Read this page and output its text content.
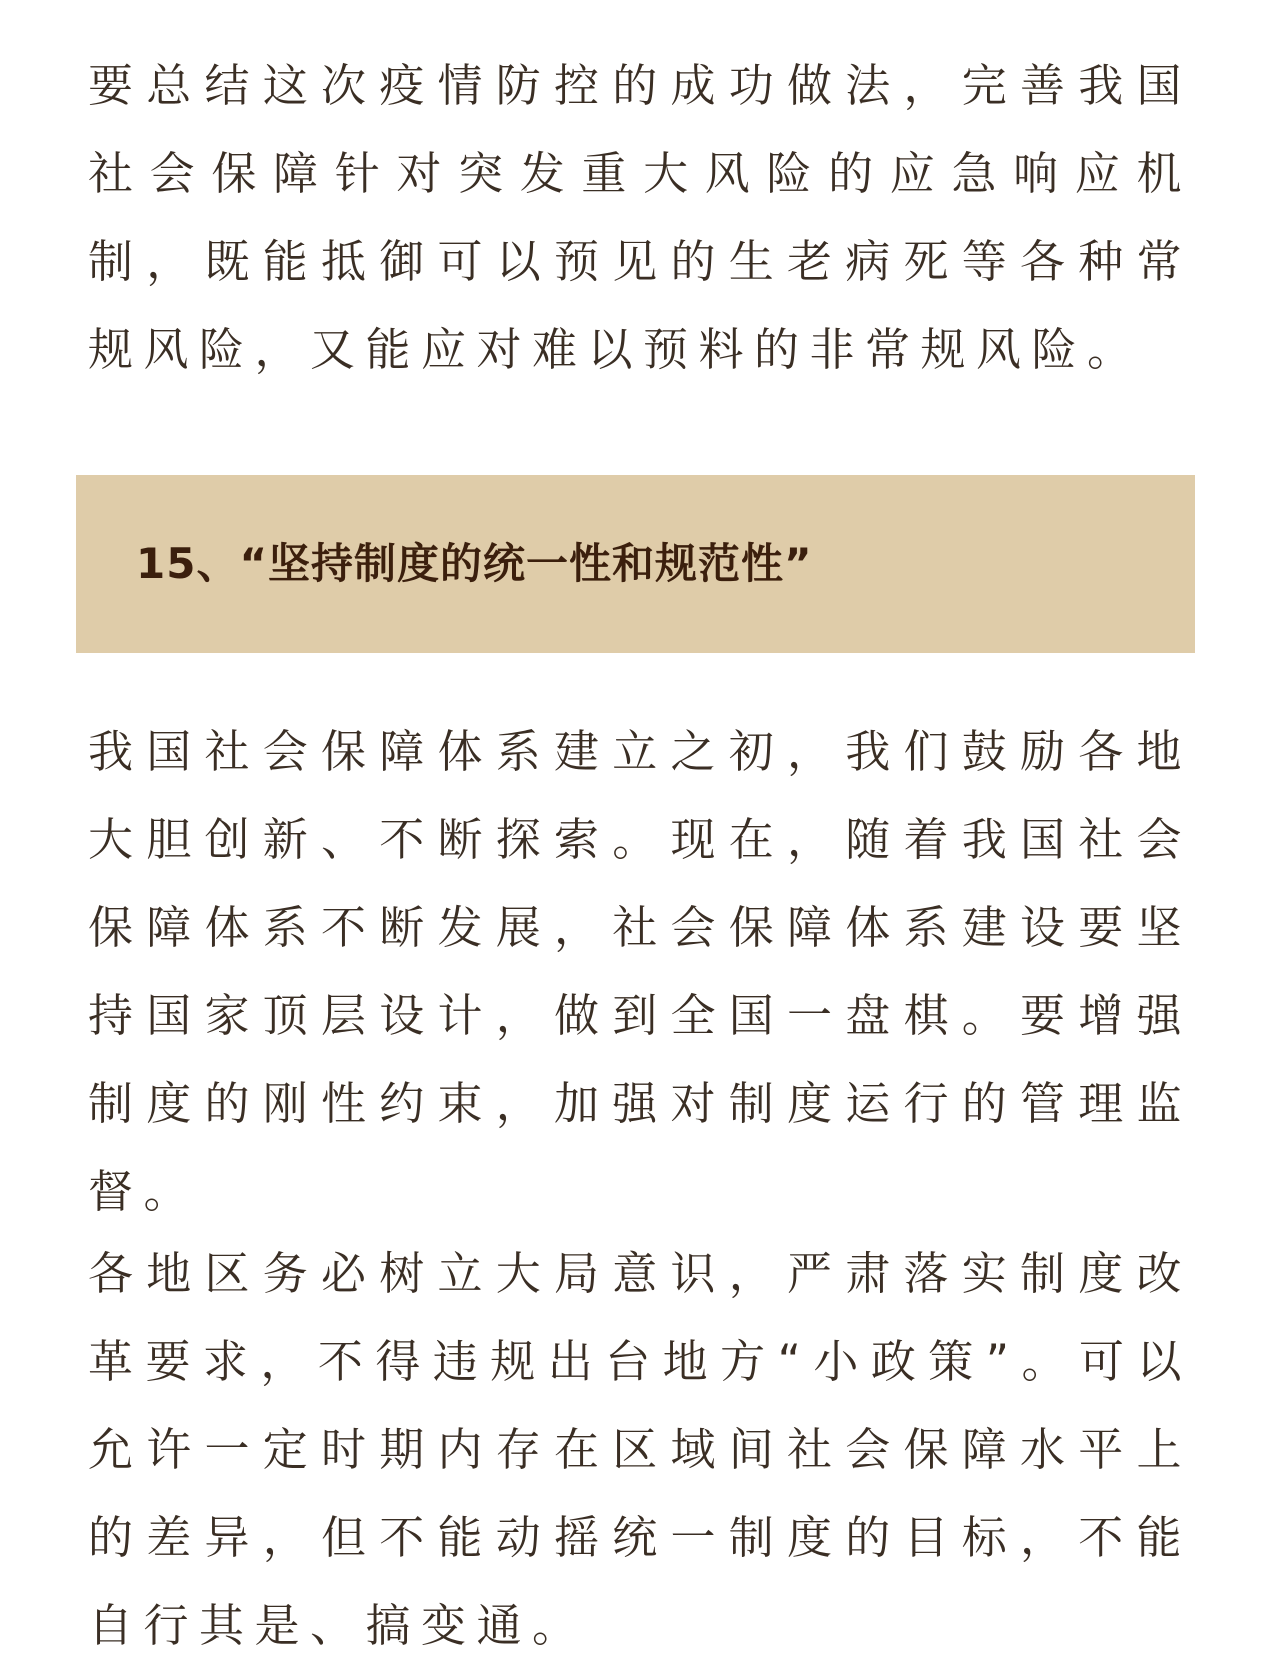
要总结这次疫情防控的成功做法，完善我国社会保障针对突发重大风险的应急响应机制，既能抵御可以预见的生老病死等各种常规风险，又能应对难以预料的非常规风险。

15、“坚持制度的统一性和规范性”

我国社会保障体系建立之初，我们鼓励各地大胆创新、不断探索。现在，随着我国社会保障体系不断发展，社会保障体系建设要坚持国家顶层设计，做到全国一盘棋。要增强制度的刚性约束，加强对制度运行的管理监督。

各地区务必树立大局意识，严肃落实制度改革要求，不得违规出台地方“小政策”。可以允许一定时期内存在区域间社会保障水平上的差异，但不能动摇统一制度的目标，不能自行其是、搞变通。
